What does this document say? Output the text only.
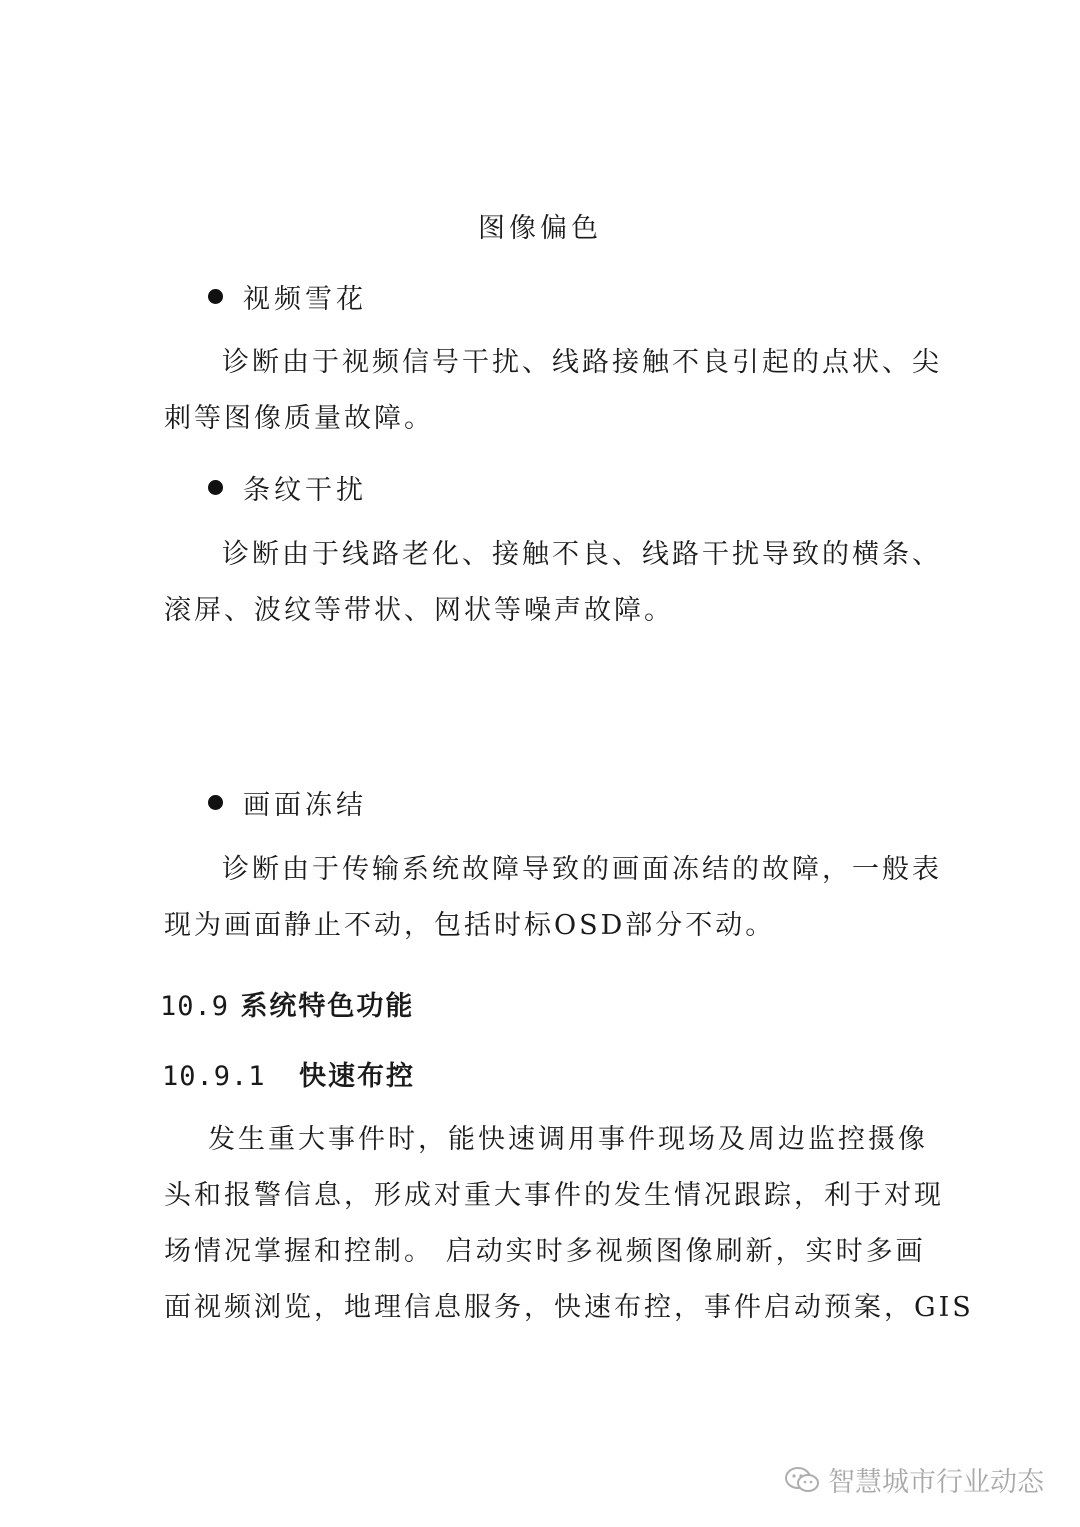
图像偏色
视频雪花
诊断由于视频信号干扰、线路接触不良引起的点状、尖
刺等图像质量故障。
条纹干扰
诊断由于线路老化、接触不良、线路干扰导致的横条、
滚屏、波纹等带状、网状等噪声故障。
画面冻结
诊断由于传输系统故障导致的画面冻结的故障，一般表
现为画面静止不动，包括时标OSD部分不动。
10.9 系统特色功能
10.9.1 快速布控
发生重大事件时，能快速调用事件现场及周边监控摄像
头和报警信息，形成对重大事件的发生情况跟踪，利于对现
场情况掌握和控制。 启动实时多视频图像刷新，实时多画
面视频浏览，地理信息服务，快速布控，事件启动预案，GIS
智慧城市行业动态
